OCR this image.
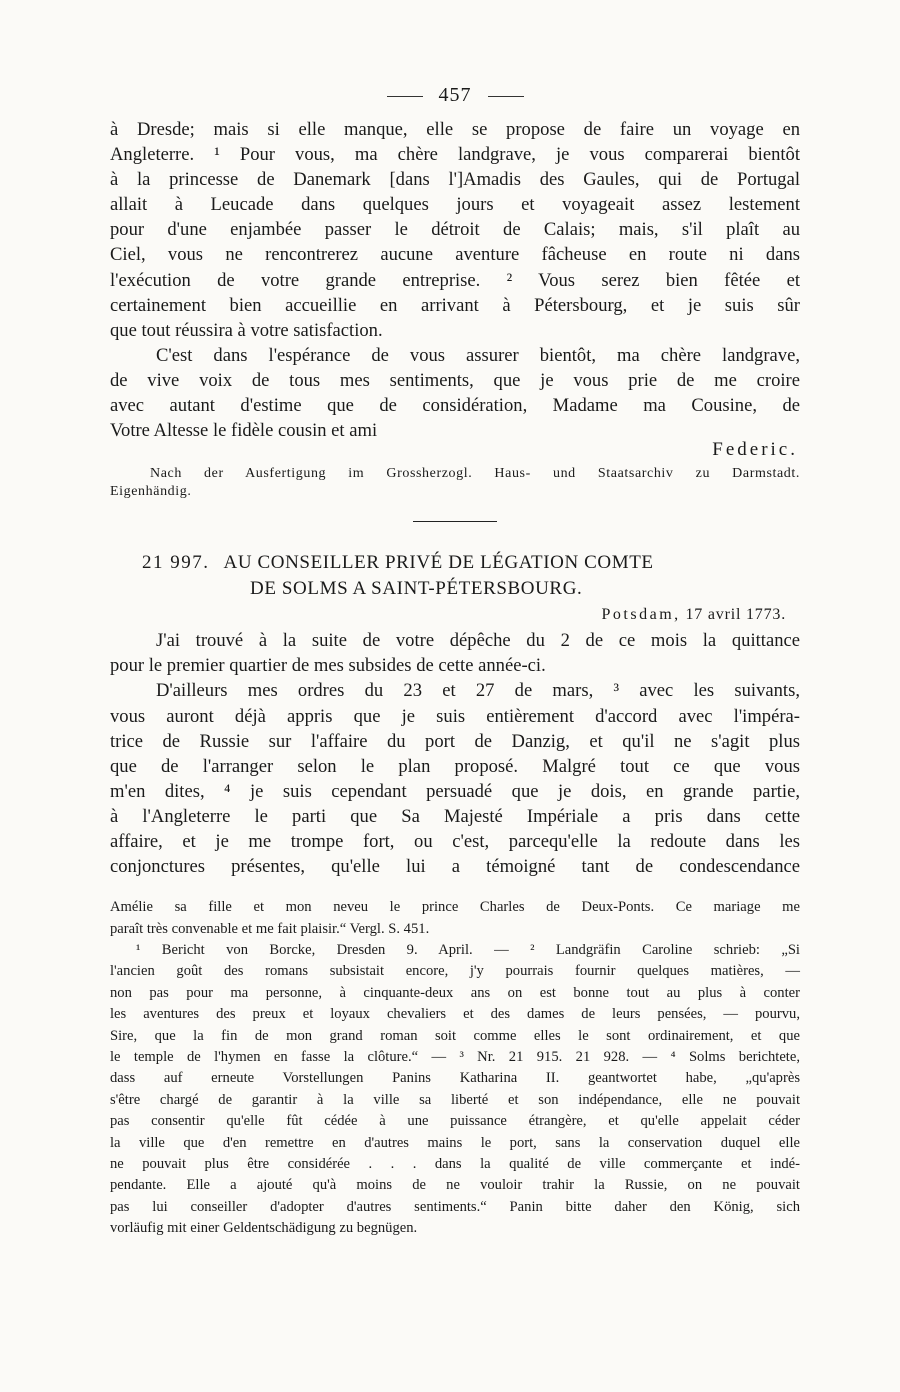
457
à Dresde; mais si elle manque, elle se propose de faire un voyage en
Angleterre. ¹ Pour vous, ma chère landgrave, je vous comparerai bientôt
à la princesse de Danemark [dans l']Amadis des Gaules, qui de Portugal
allait à Leucade dans quelques jours et voyageait assez lestement
pour d'une enjambée passer le détroit de Calais; mais, s'il plaît au
Ciel, vous ne rencontrerez aucune aventure fâcheuse en route ni dans
l'exécution de votre grande entreprise. ² Vous serez bien fêtée et
certainement bien accueillie en arrivant à Pétersbourg, et je suis sûr
que tout réussira à votre satisfaction.
C'est dans l'espérance de vous assurer bientôt, ma chère landgrave,
de vive voix de tous mes sentiments, que je vous prie de me croire
avec autant d'estime que de considération, Madame ma Cousine, de
Votre Altesse le fidèle cousin et ami
Federic.
Nach der Ausfertigung im Grossherzogl. Haus- und Staatsarchiv zu Darmstadt.
Eigenhändig.
21 997. AU CONSEILLER PRIVÉ DE LÉGATION COMTE
DE SOLMS A SAINT-PÉTERSBOURG.
Potsdam, 17 avril 1773.
J'ai trouvé à la suite de votre dépêche du 2 de ce mois la quittance
pour le premier quartier de mes subsides de cette année-ci.
D'ailleurs mes ordres du 23 et 27 de mars, ³ avec les suivants,
vous auront déjà appris que je suis entièrement d'accord avec l'impéra-
trice de Russie sur l'affaire du port de Danzig, et qu'il ne s'agit plus
que de l'arranger selon le plan proposé. Malgré tout ce que vous
m'en dites, ⁴ je suis cependant persuadé que je dois, en grande partie,
à l'Angleterre le parti que Sa Majesté Impériale a pris dans cette
affaire, et je me trompe fort, ou c'est, parcequ'elle la redoute dans les
conjonctures présentes, qu'elle lui a témoigné tant de condescendance
Amélie sa fille et mon neveu le prince Charles de Deux-Ponts. Ce mariage me
paraît très convenable et me fait plaisir.“ Vergl. S. 451.
¹ Bericht von Borcke, Dresden 9. April. — ² Landgräfin Caroline schrieb: „Si
l'ancien goût des romans subsistait encore, j'y pourrais fournir quelques matières, —
non pas pour ma personne, à cinquante-deux ans on est bonne tout au plus à conter
les aventures des preux et loyaux chevaliers et des dames de leurs pensées, — pourvu,
Sire, que la fin de mon grand roman soit comme elles le sont ordinairement, et que
le temple de l'hymen en fasse la clôture.“ — ³ Nr. 21 915. 21 928. — ⁴ Solms berichtete,
dass auf erneute Vorstellungen Panins Katharina II. geantwortet habe, „qu'après
s'être chargé de garantir à la ville sa liberté et son indépendance, elle ne pouvait
pas consentir qu'elle fût cédée à une puissance étrangère, et qu'elle appelait céder
la ville que d'en remettre en d'autres mains le port, sans la conservation duquel elle
ne pouvait plus être considérée . . . dans la qualité de ville commerçante et indé-
pendante. Elle a ajouté qu'à moins de ne vouloir trahir la Russie, on ne pouvait
pas lui conseiller d'adopter d'autres sentiments.“ Panin bitte daher den König, sich
vorläufig mit einer Geldentschädigung zu begnügen.
